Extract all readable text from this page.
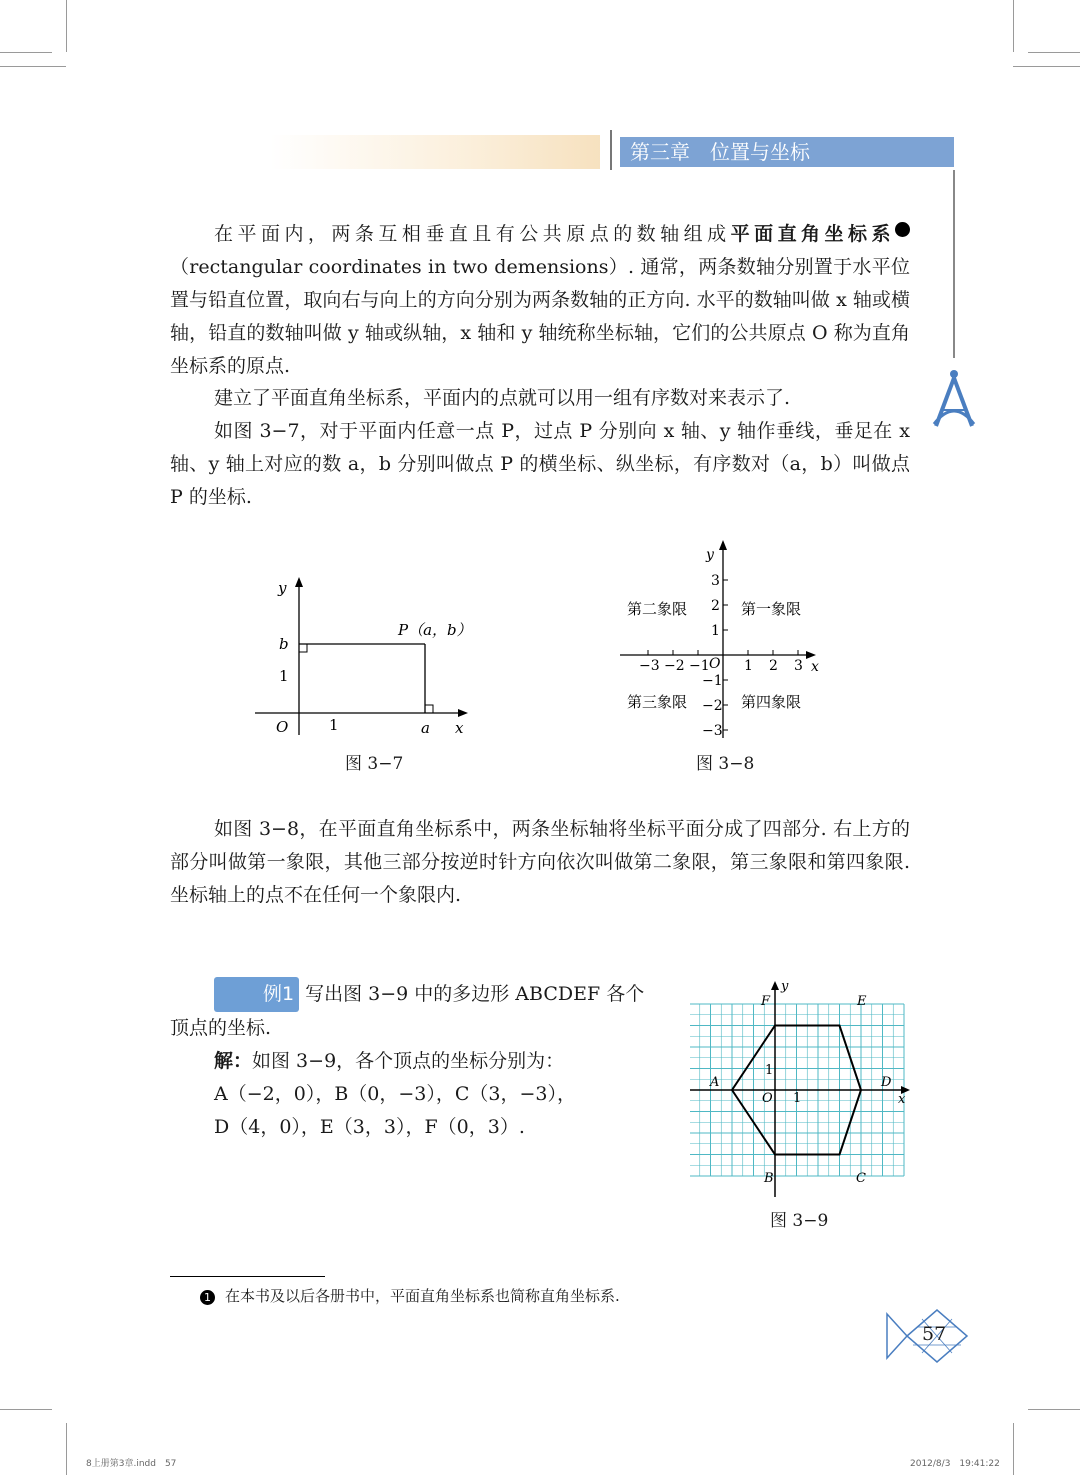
第三章　位置与坐标

在平面内，两条互相垂直且有公共原点的数轴组成平面直角坐标系	1（rectangular coordinates in two demensions）. 通常，两条数轴分别置于水平位置与铅直位置，取向右与向上的方向分别为两条数轴的正方向. 水平的数轴叫做 x 轴或横轴，铅直的数轴叫做 y 轴或纵轴，x 轴和 y 轴统称坐标轴，它们的公共原点 O 称为直角坐标系的原点.

建立了平面直角坐标系，平面内的点就可以用一组有序数对来表示了.

如图 3−7，对于平面内任意一点 P，过点 P 分别向 x 轴、y 轴作垂线，垂足在 x 轴、y 轴上对应的数 a，b 分别叫做点 P 的横坐标、纵坐标，有序数对（a，b）叫做点 P 的坐标.

y
x
O
b
1
1	a
P（a，b）
图 3−7
y
x
O
−3 −2 −1 1 2 3
3
2
1
−1
−2
−3
第二象限	第一象限
第三象限	第四象限
图 3−8

如图 3−8，在平面直角坐标系中，两条坐标轴将坐标平面分成了四部分. 右上方的部分叫做第一象限，其他三部分按逆时针方向依次叫做第二象限，第三象限和第四象限. 坐标轴上的点不在任何一个象限内.

例1 写出图 3−9 中的多边形 ABCDEF 各个顶点的坐标.

解：如图 3−9，各个顶点的坐标分别为：

A（−2，0），B（0，−3），C（3，−3），

D（4，0），E（3，3），F（0，3）.

A
B	C
D
E
F
O	x
y
1
1
图 3−9
1 在本书及以后各册书中，平面直角坐标系也简称直角坐标系.
57
8上册第3章.indd　57	2012/8/3　19:41:22
